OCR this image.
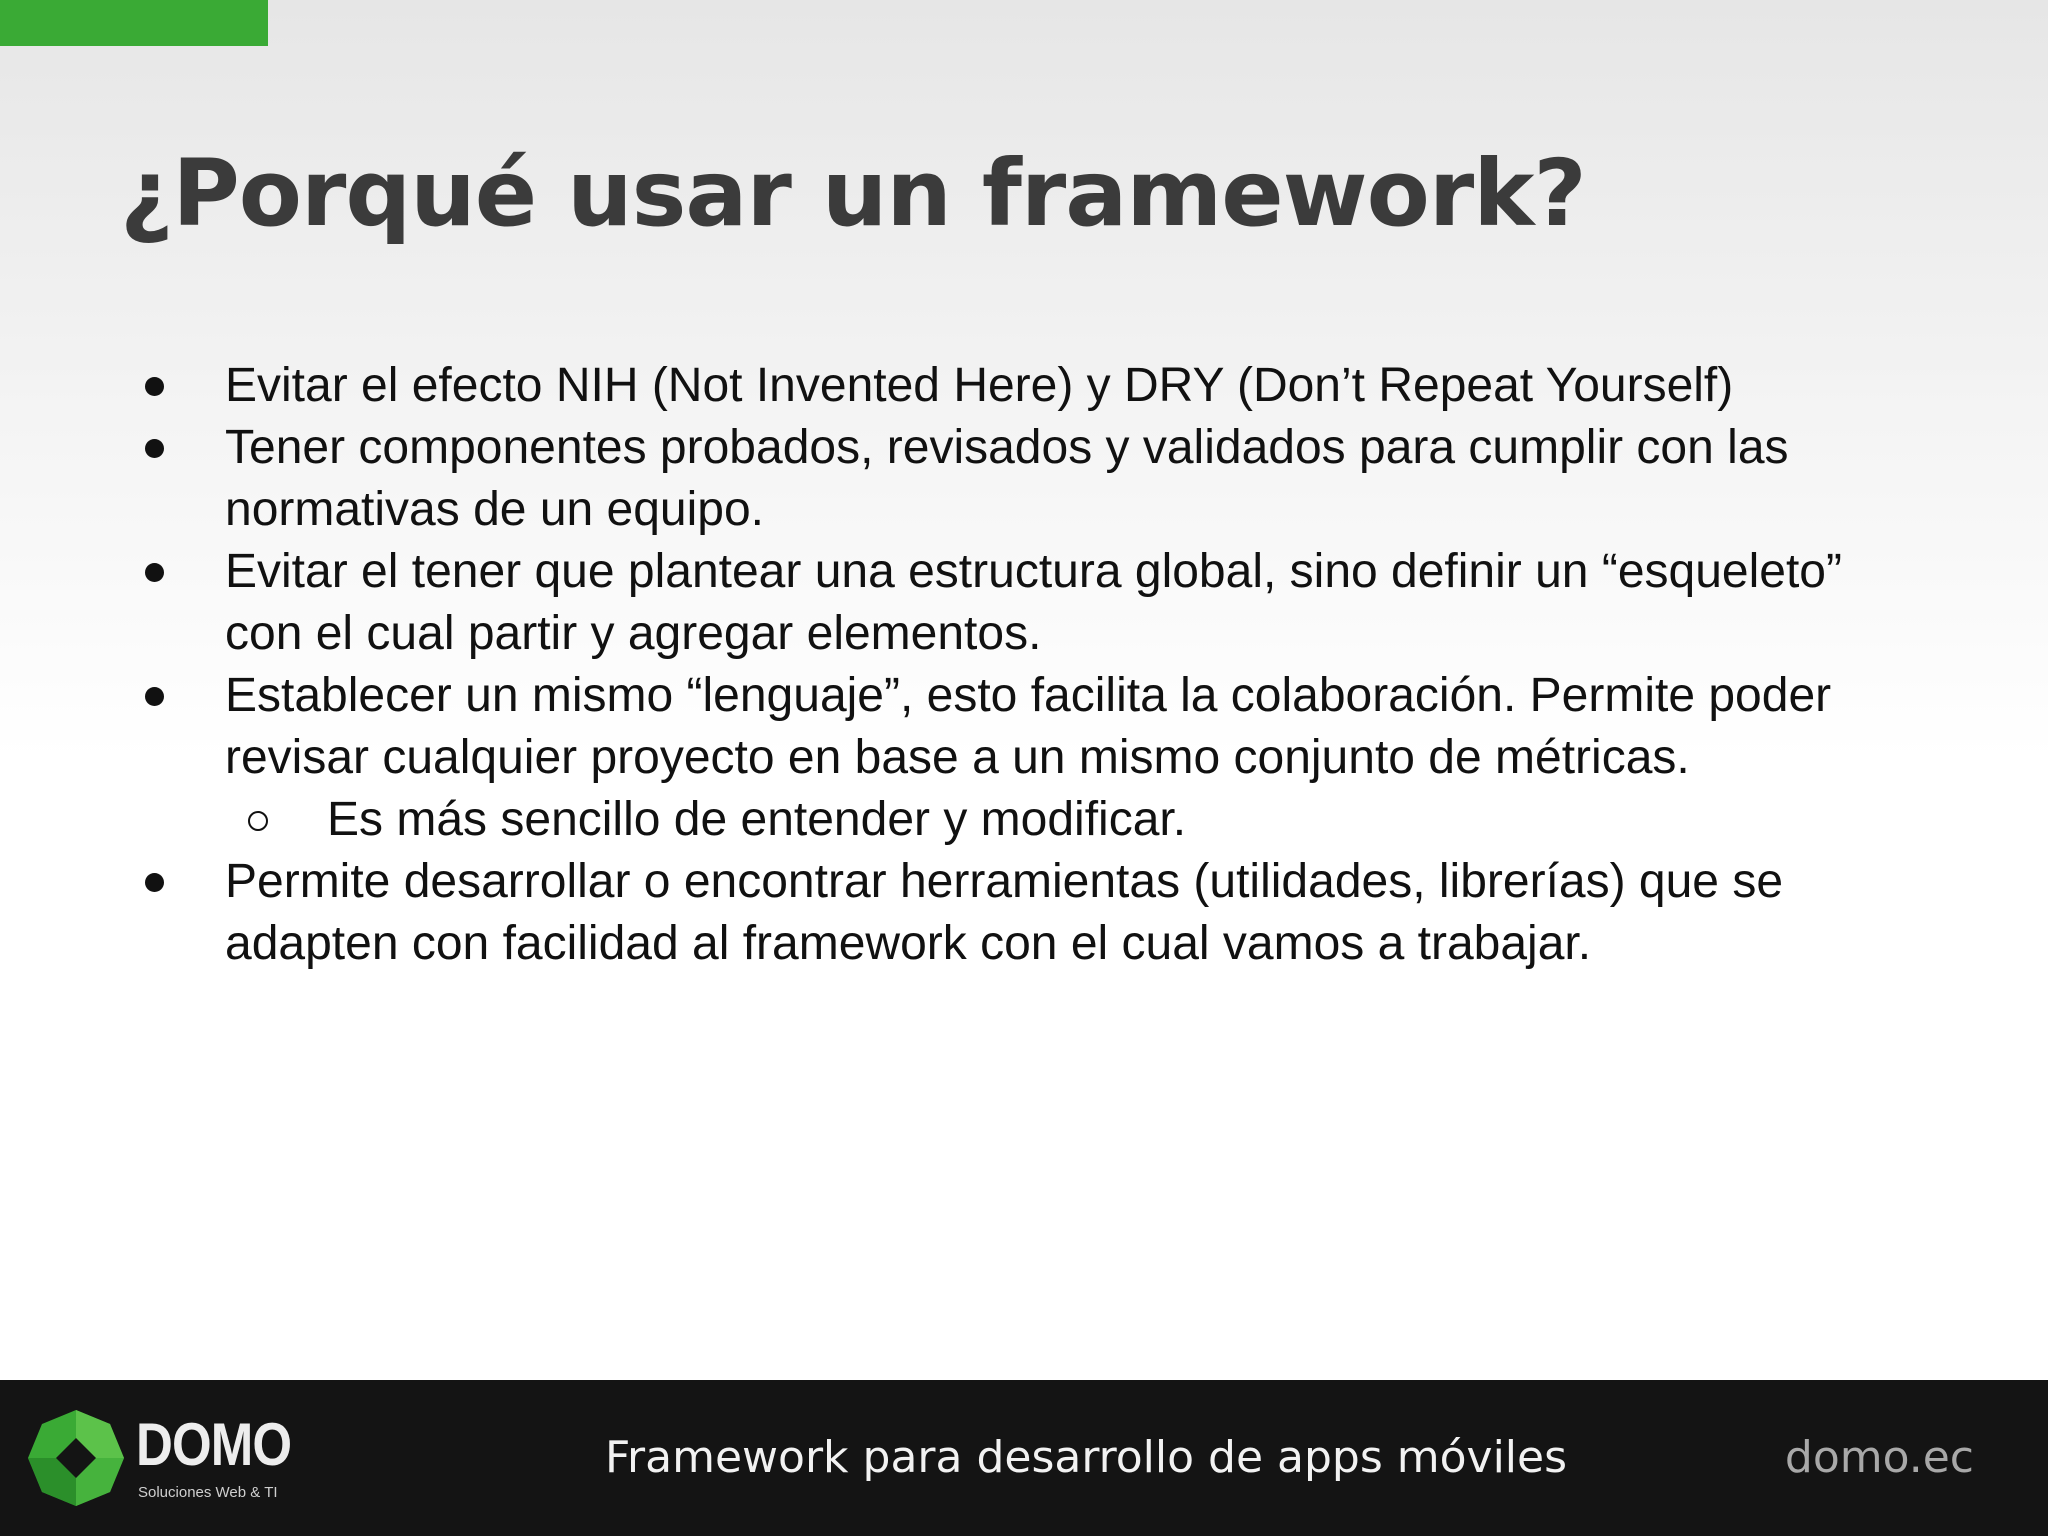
¿Porqué usar un framework?
Evitar el efecto NIH (Not Invented Here) y DRY (Don’t Repeat Yourself)
Tener componentes probados, revisados y validados para cumplir con las normativas de un equipo.
Evitar el tener que plantear una estructura global, sino definir un “esqueleto” con el cual partir y agregar elementos.
Establecer un mismo “lenguaje”, esto facilita la colaboración. Permite poder revisar cualquier proyecto en base a un mismo conjunto de métricas.
Es más sencillo de entender y modificar.
Permite desarrollar o encontrar herramientas (utilidades, librerías) que se adapten con facilidad al framework con el cual vamos a trabajar.
DOMO
Soluciones Web & TI
Framework para desarrollo de apps móviles	domo.ec
